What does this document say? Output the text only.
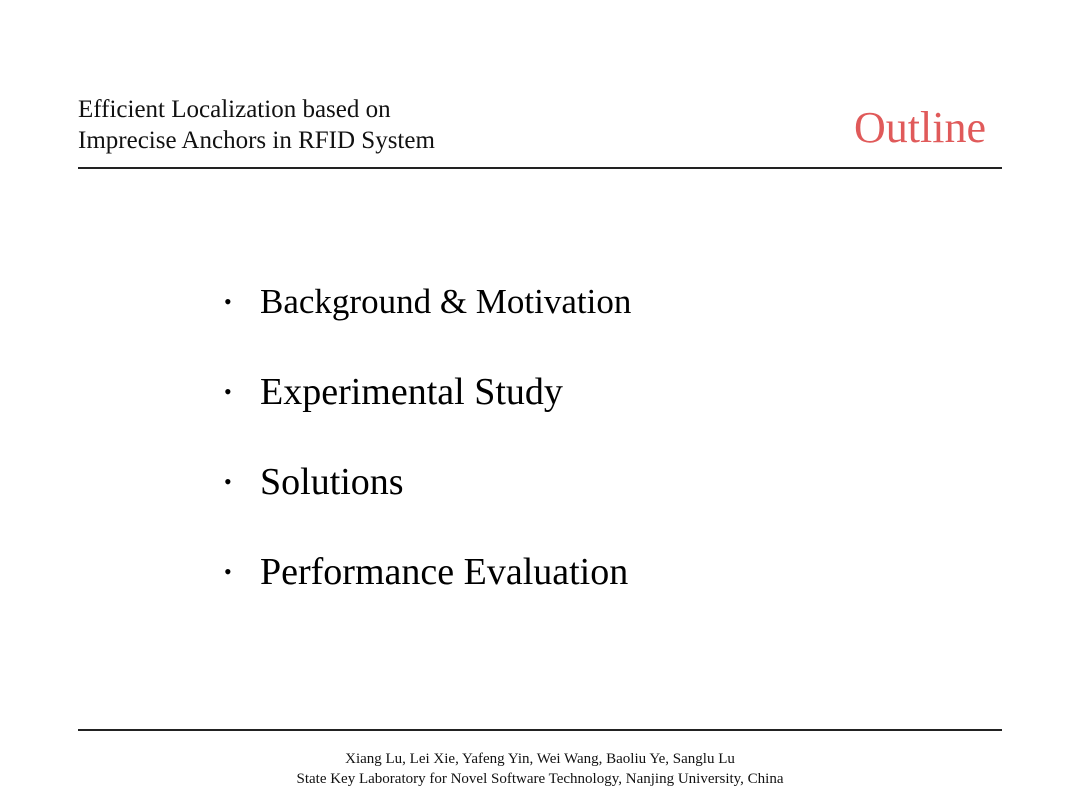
Efficient Localization based on
Imprecise Anchors in RFID System	Outline
• Background & Motivation
• Experimental Study
• Solutions
• Performance Evaluation
Xiang Lu, Lei Xie, Yafeng Yin, Wei Wang, Baoliu Ye, Sanglu Lu
State Key Laboratory for Novel Software Technology, Nanjing University, China
